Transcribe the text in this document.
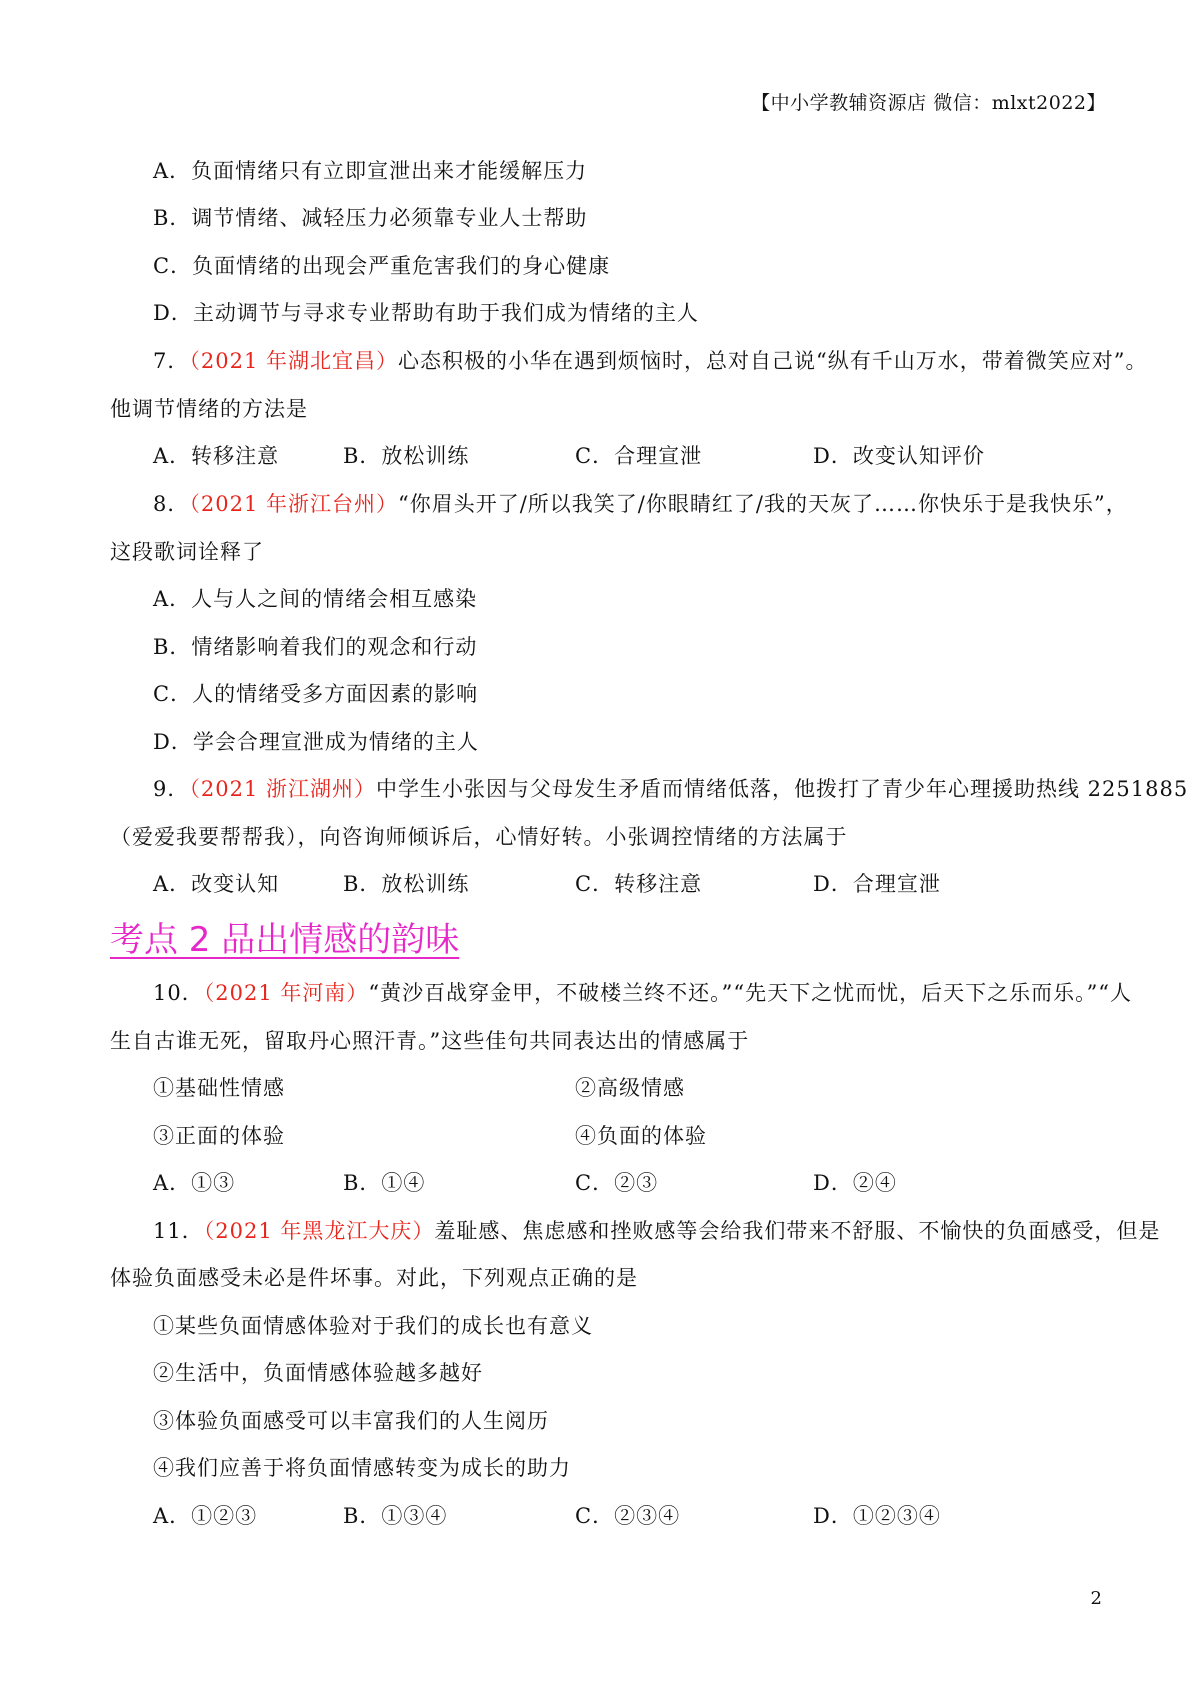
【中小学教辅资源店 微信：mlxt2022】
A．负面情绪只有立即宣泄出来才能缓解压力
B．调节情绪、减轻压力必须靠专业人士帮助
C．负面情绪的出现会严重危害我们的身心健康
D．主动调节与寻求专业帮助有助于我们成为情绪的主人
7．（2021 年湖北宜昌）心态积极的小华在遇到烦恼时，总对自己说“纵有千山万水，带着微笑应对”。
他调节情绪的方法是
A．转移注意	B．放松训练	C．合理宣泄	D．改变认知评价
8．（2021 年浙江台州）“你眉头开了/所以我笑了/你眼睛红了/我的天灰了……你快乐于是我快乐”，
这段歌词诠释了
A．人与人之间的情绪会相互感染
B．情绪影响着我们的观念和行动
C．人的情绪受多方面因素的影响
D．学会合理宣泄成为情绪的主人
9．（2021 浙江湖州）中学生小张因与父母发生矛盾而情绪低落，他拨打了青少年心理援助热线 2251885
（爱爱我要帮帮我），向咨询师倾诉后，心情好转。小张调控情绪的方法属于
A．改变认知	B．放松训练	C．转移注意	D．合理宣泄
考点 2 品出情感的韵味
10．（2021 年河南）“黄沙百战穿金甲，不破楼兰终不还。”“先天下之忧而忧，后天下之乐而乐。”“人
生自古谁无死，留取丹心照汗青。”这些佳句共同表达出的情感属于
①基础性情感	②高级情感
③正面的体验	④负面的体验
A．①③	B．①④	C．②③	D．②④
11．（2021 年黑龙江大庆）羞耻感、焦虑感和挫败感等会给我们带来不舒服、不愉快的负面感受，但是
体验负面感受未必是件坏事。对此，下列观点正确的是
①某些负面情感体验对于我们的成长也有意义
②生活中，负面情感体验越多越好
③体验负面感受可以丰富我们的人生阅历
④我们应善于将负面情感转变为成长的助力
A．①②③	B．①③④	C．②③④	D．①②③④
2
